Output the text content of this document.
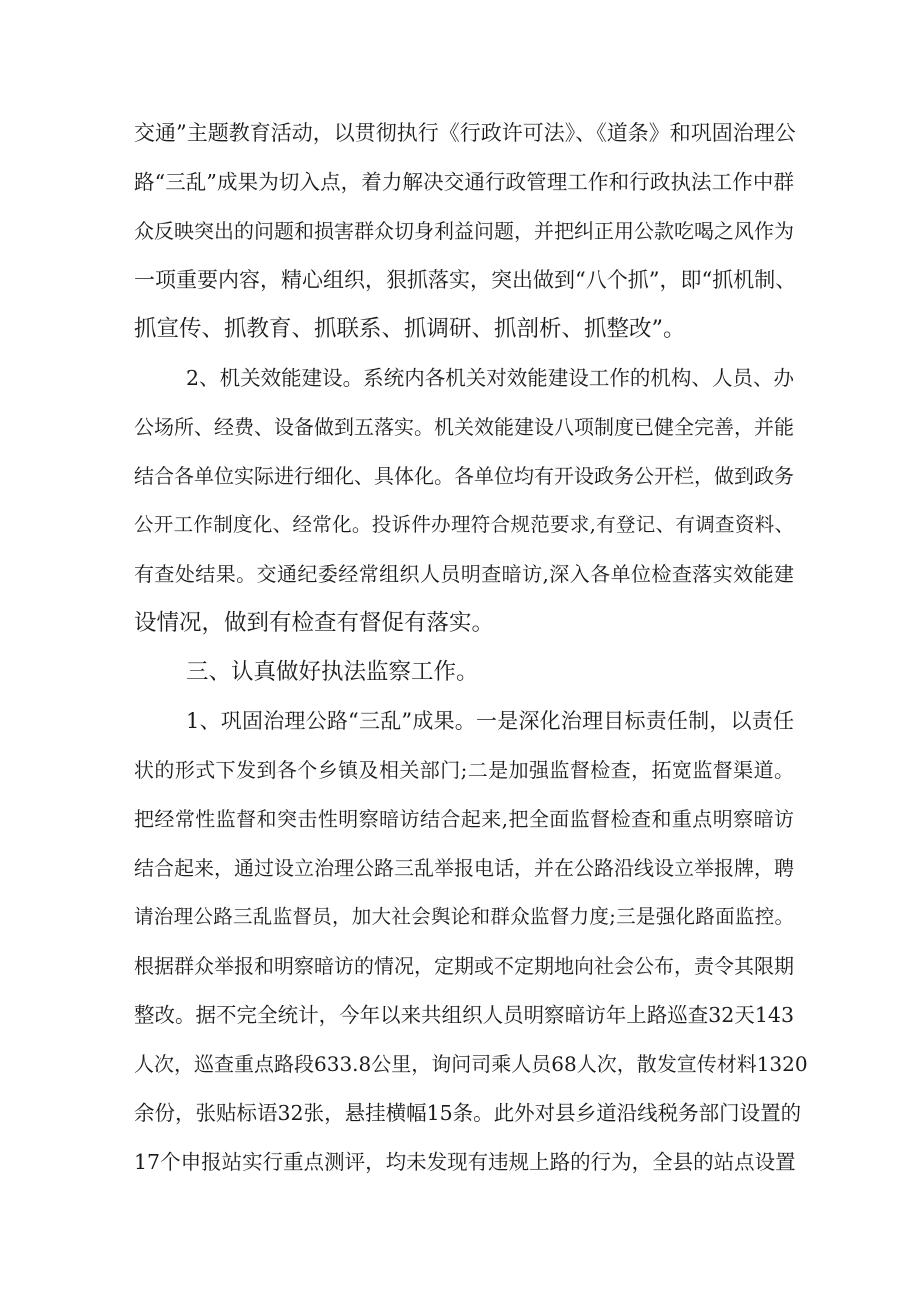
交通”主题教育活动，以贯彻执行《行政许可法》、《道条》和巩固治理公
路“三乱”成果为切入点，着力解决交通行政管理工作和行政执法工作中群
众反映突出的问题和损害群众切身利益问题，并把纠正用公款吃喝之风作为
一项重要内容，精心组织，狠抓落实，突出做到“八个抓”，即“抓机制、
抓宣传、抓教育、抓联系、抓调研、抓剖析、抓整改”。
2、机关效能建设。系统内各机关对效能建设工作的机构、人员、办
公场所、经费、设备做到五落实。机关效能建设八项制度已健全完善，并能
结合各单位实际进行细化、具体化。各单位均有开设政务公开栏，做到政务
公开工作制度化、经常化。投诉件办理符合规范要求,有登记、有调查资料、
有查处结果。交通纪委经常组织人员明查暗访,深入各单位检查落实效能建
设情况，做到有检查有督促有落实。
三、认真做好执法监察工作。
1、巩固治理公路“三乱”成果。一是深化治理目标责任制，以责任
状的形式下发到各个乡镇及相关部门;二是加强监督检查，拓宽监督渠道。
把经常性监督和突击性明察暗访结合起来,把全面监督检查和重点明察暗访
结合起来，通过设立治理公路三乱举报电话，并在公路沿线设立举报牌，聘
请治理公路三乱监督员，加大社会舆论和群众监督力度;三是强化路面监控。
根据群众举报和明察暗访的情况，定期或不定期地向社会公布，责令其限期
整改。据不完全统计，今年以来共组织人员明察暗访年上路巡查32天143
人次，巡查重点路段633.8公里，询问司乘人员68人次，散发宣传材料1320
余份，张贴标语32张，悬挂横幅15条。此外对县乡道沿线税务部门设置的
17个申报站实行重点测评，均未发现有违规上路的行为，全县的站点设置
